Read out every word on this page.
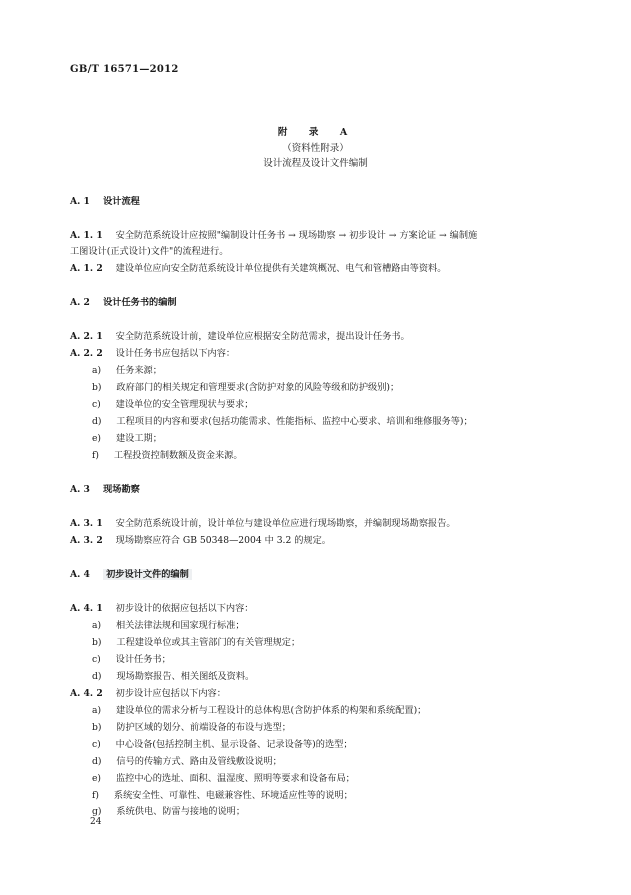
GB/T 16571—2012
附　录　A
（资料性附录）
设计流程及设计文件编制
A. 1 设计流程
A. 1. 1 安全防范系统设计应按照"编制设计任务书 → 现场勘察 → 初步设计 → 方案论证 → 编制施
工图设计(正式设计)文件"的流程进行。
A. 1. 2 建设单位应向安全防范系统设计单位提供有关建筑概况、电气和管槽路由等资料。
A. 2 设计任务书的编制
A. 2. 1 安全防范系统设计前，建设单位应根据安全防范需求，提出设计任务书。
A. 2. 2 设计任务书应包括以下内容：
a) 任务来源；
b) 政府部门的相关规定和管理要求(含防护对象的风险等级和防护级别)；
c) 建设单位的安全管理现状与要求；
d) 工程项目的内容和要求(包括功能需求、性能指标、监控中心要求、培训和维修服务等)；
e) 建设工期；
f) 工程投资控制数额及资金来源。
A. 3 现场勘察
A. 3. 1 安全防范系统设计前，设计单位与建设单位应进行现场勘察，并编制现场勘察报告。
A. 3. 2 现场勘察应符合 GB 50348—2004 中 3.2 的规定。
A. 4 初步设计文件的编制
A. 4. 1 初步设计的依据应包括以下内容：
a) 相关法律法规和国家现行标准；
b) 工程建设单位或其主管部门的有关管理规定；
c) 设计任务书；
d) 现场勘察报告、相关图纸及资料。
A. 4. 2 初步设计应包括以下内容：
a) 建设单位的需求分析与工程设计的总体构思(含防护体系的构架和系统配置)；
b) 防护区域的划分、前端设备的布设与选型；
c) 中心设备(包括控制主机、显示设备、记录设备等)的选型；
d) 信号的传输方式、路由及管线敷设说明；
e) 监控中心的选址、面积、温湿度、照明等要求和设备布局；
f) 系统安全性、可靠性、电磁兼容性、环境适应性等的说明；
g) 系统供电、防雷与接地的说明；
24
